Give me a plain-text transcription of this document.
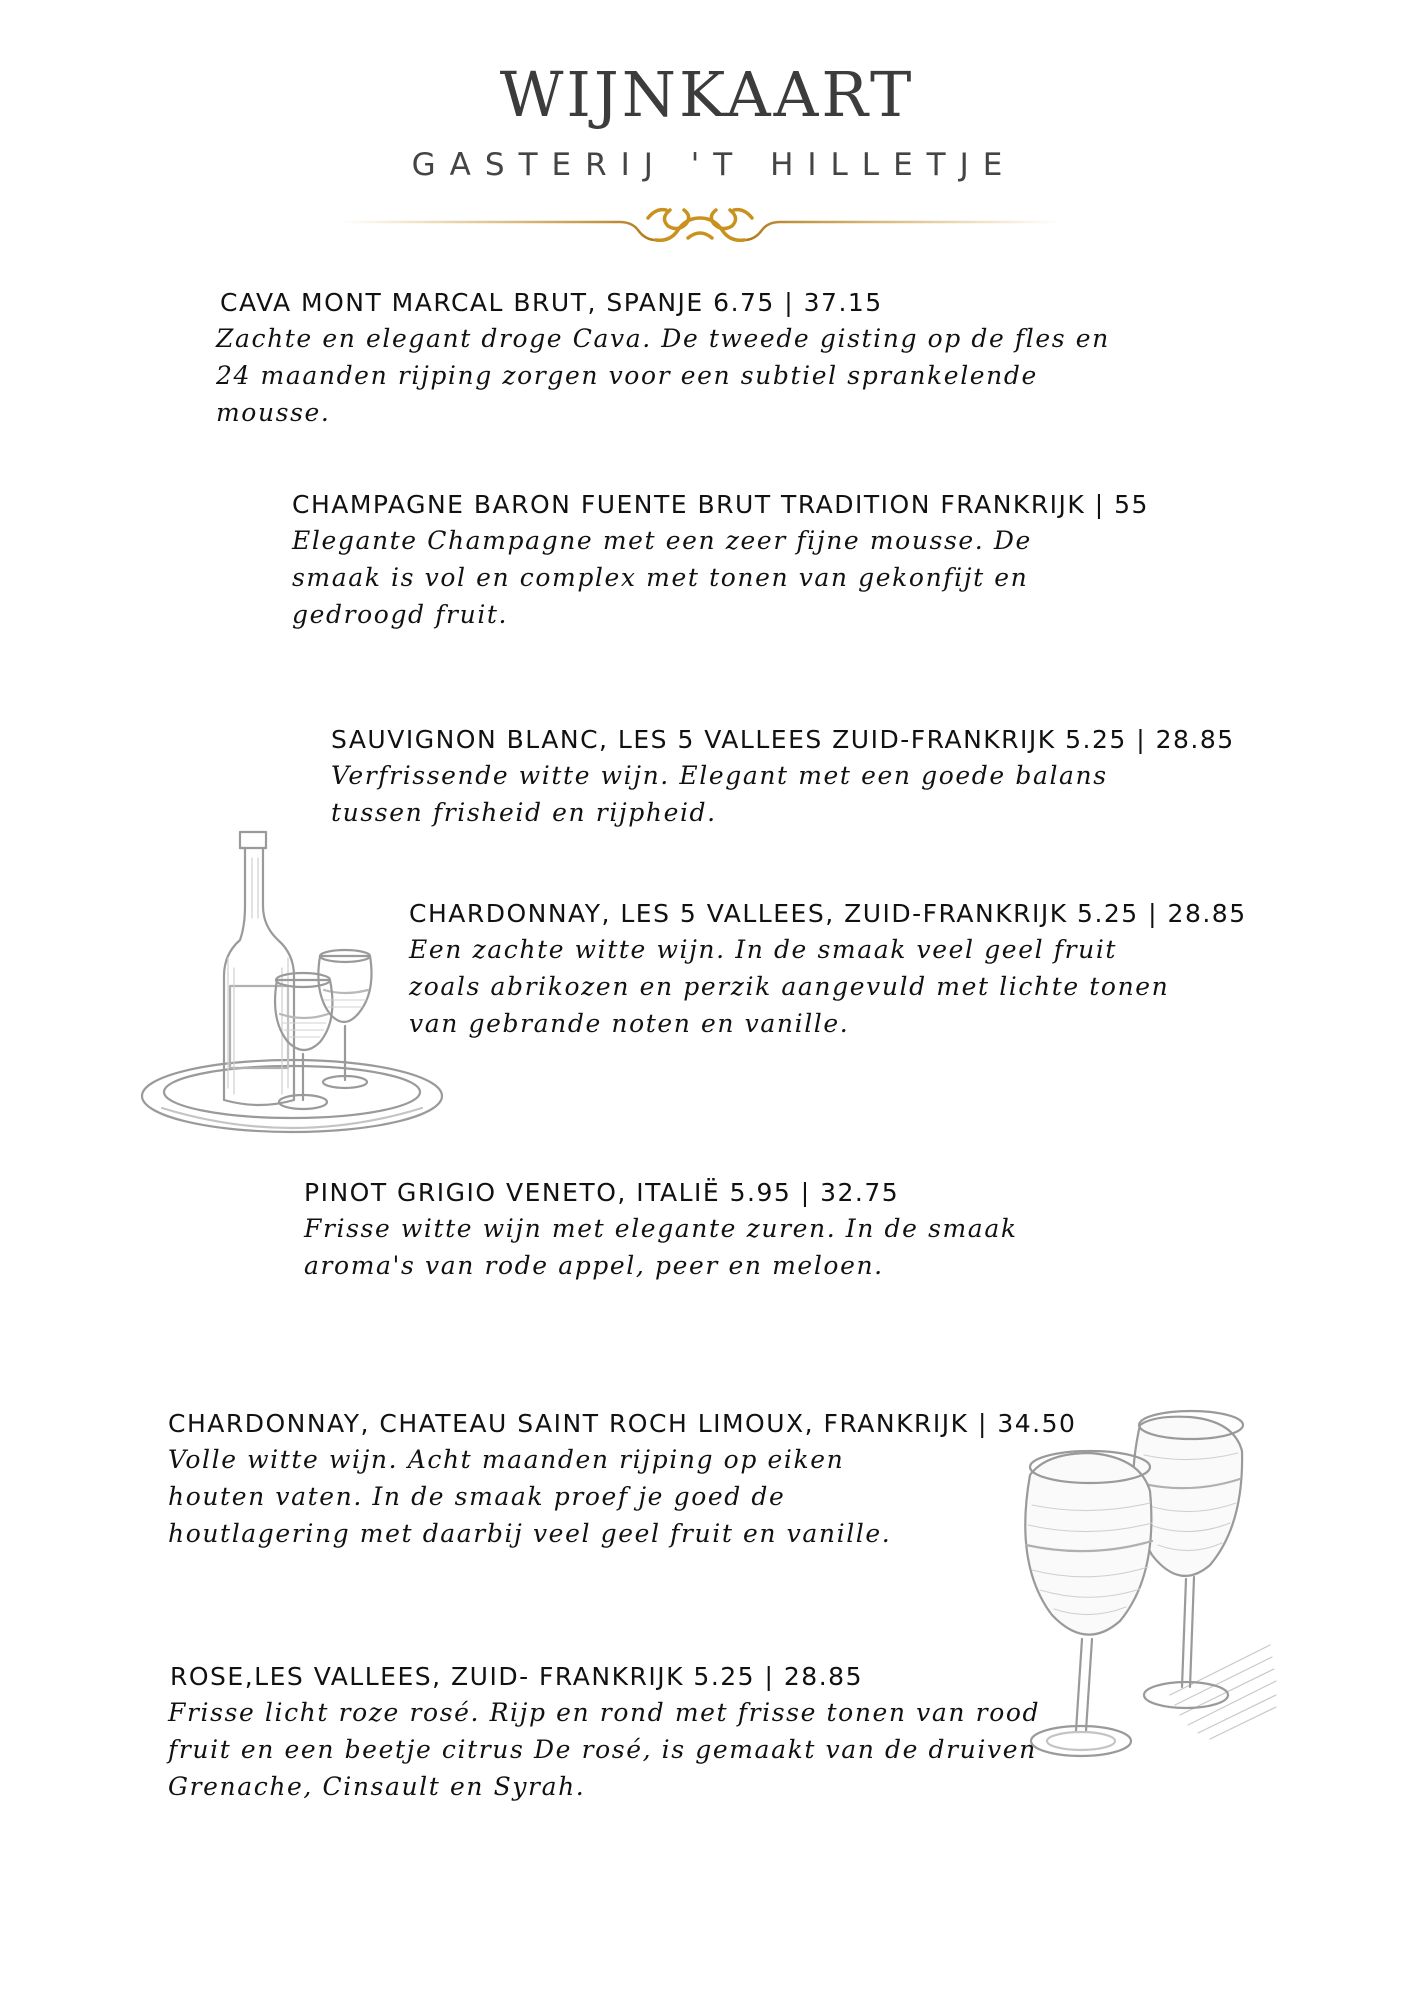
WIJNKAART
GASTERIJ 'T HILLETJE
CAVA MONT MARCAL BRUT, SPANJE 6.75 | 37.15
Zachte en elegant droge Cava. De tweede gisting op de fles en
24 maanden rijping zorgen voor een subtiel sprankelende
mousse.
CHAMPAGNE BARON FUENTE BRUT TRADITION FRANKRIJK | 55
Elegante Champagne met een zeer fijne mousse. De
smaak is vol en complex met tonen van gekonfijt en
gedroogd fruit.
SAUVIGNON BLANC, LES 5 VALLEES ZUID-FRANKRIJK 5.25 | 28.85
Verfrissende witte wijn. Elegant met een goede balans
tussen frisheid en rijpheid.
CHARDONNAY, LES 5 VALLEES, ZUID-FRANKRIJK 5.25 | 28.85
Een zachte witte wijn. In de smaak veel geel fruit
zoals abrikozen en perzik aangevuld met lichte tonen
van gebrande noten en vanille.
PINOT GRIGIO VENETO, ITALIË 5.95 | 32.75
Frisse witte wijn met elegante zuren. In de smaak
aroma's van rode appel, peer en meloen.
CHARDONNAY, CHATEAU SAINT ROCH LIMOUX, FRANKRIJK | 34.50
Volle witte wijn. Acht maanden rijping op eiken
houten vaten. In de smaak proef je goed de
houtlagering met daarbij veel geel fruit en vanille.
ROSE,LES VALLEES, ZUID- FRANKRIJK 5.25 | 28.85
Frisse licht roze rosé. Rijp en rond met frisse tonen van rood
fruit en een beetje citrus De rosé, is gemaakt van de druiven
Grenache, Cinsault en Syrah.
